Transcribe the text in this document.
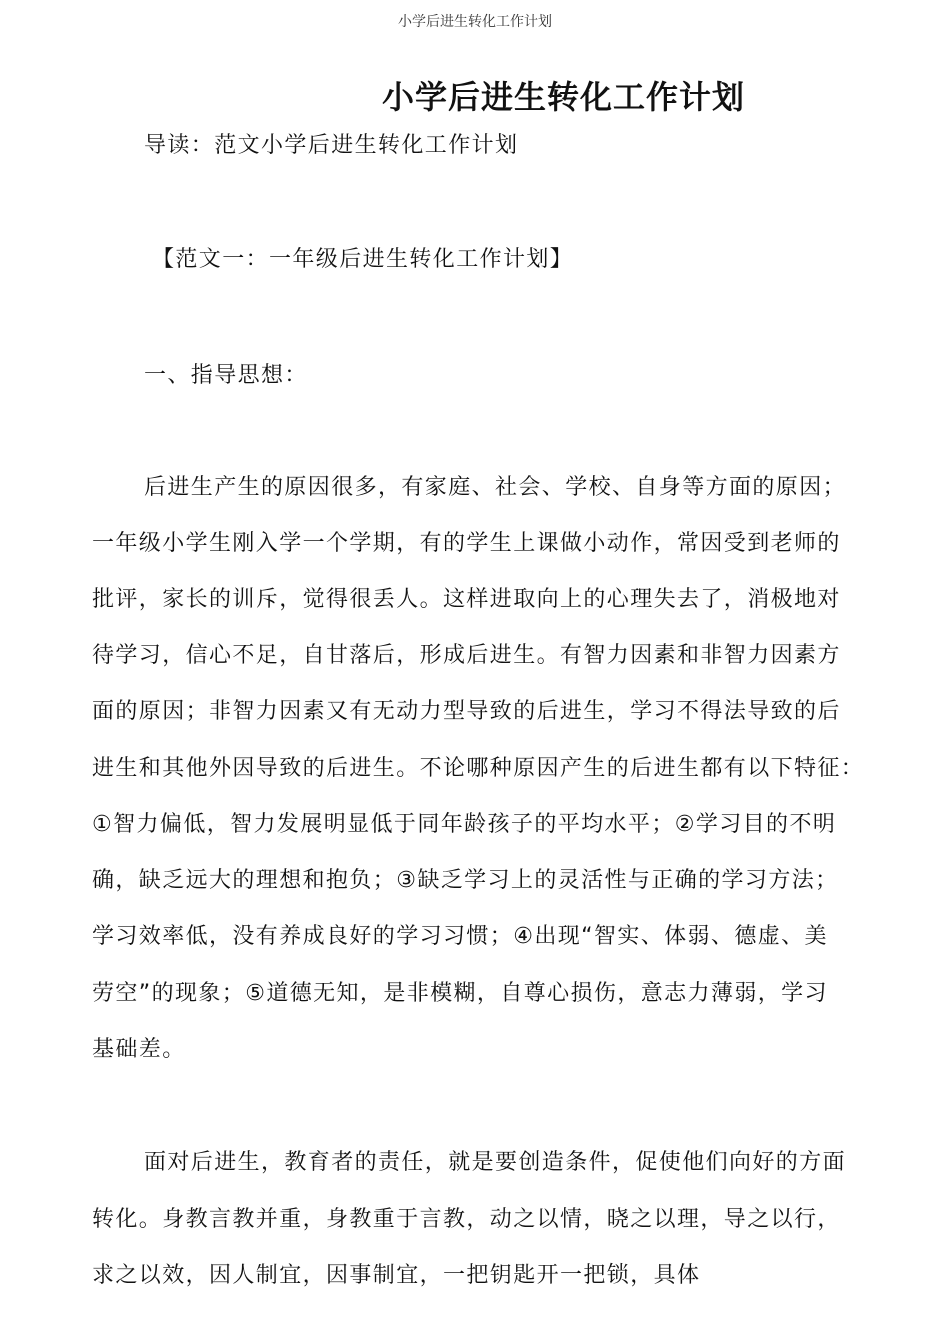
小学后进生转化工作计划
小学后进生转化工作计划
导读：范文小学后进生转化工作计划
【范文一：一年级后进生转化工作计划】
一、指导思想：
后进生产生的原因很多，有家庭、社会、学校、自身等方面的原因；
一年级小学生刚入学一个学期，有的学生上课做小动作，常因受到老师的
批评，家长的训斥，觉得很丢人。这样进取向上的心理失去了，消极地对
待学习，信心不足，自甘落后，形成后进生。有智力因素和非智力因素方
面的原因；非智力因素又有无动力型导致的后进生，学习不得法导致的后
进生和其他外因导致的后进生。不论哪种原因产生的后进生都有以下特征：
①智力偏低，智力发展明显低于同年龄孩子的平均水平；②学习目的不明
确，缺乏远大的理想和抱负；③缺乏学习上的灵活性与正确的学习方法；
学习效率低，没有养成良好的学习习惯；④出现“智实、体弱、德虚、美
劳空”的现象；⑤道德无知，是非模糊，自尊心损伤，意志力薄弱，学习
基础差。
面对后进生，教育者的责任，就是要创造条件，促使他们向好的方面
转化。身教言教并重，身教重于言教，动之以情，晓之以理，导之以行，
求之以效，因人制宜，因事制宜，一把钥匙开一把锁，具体
